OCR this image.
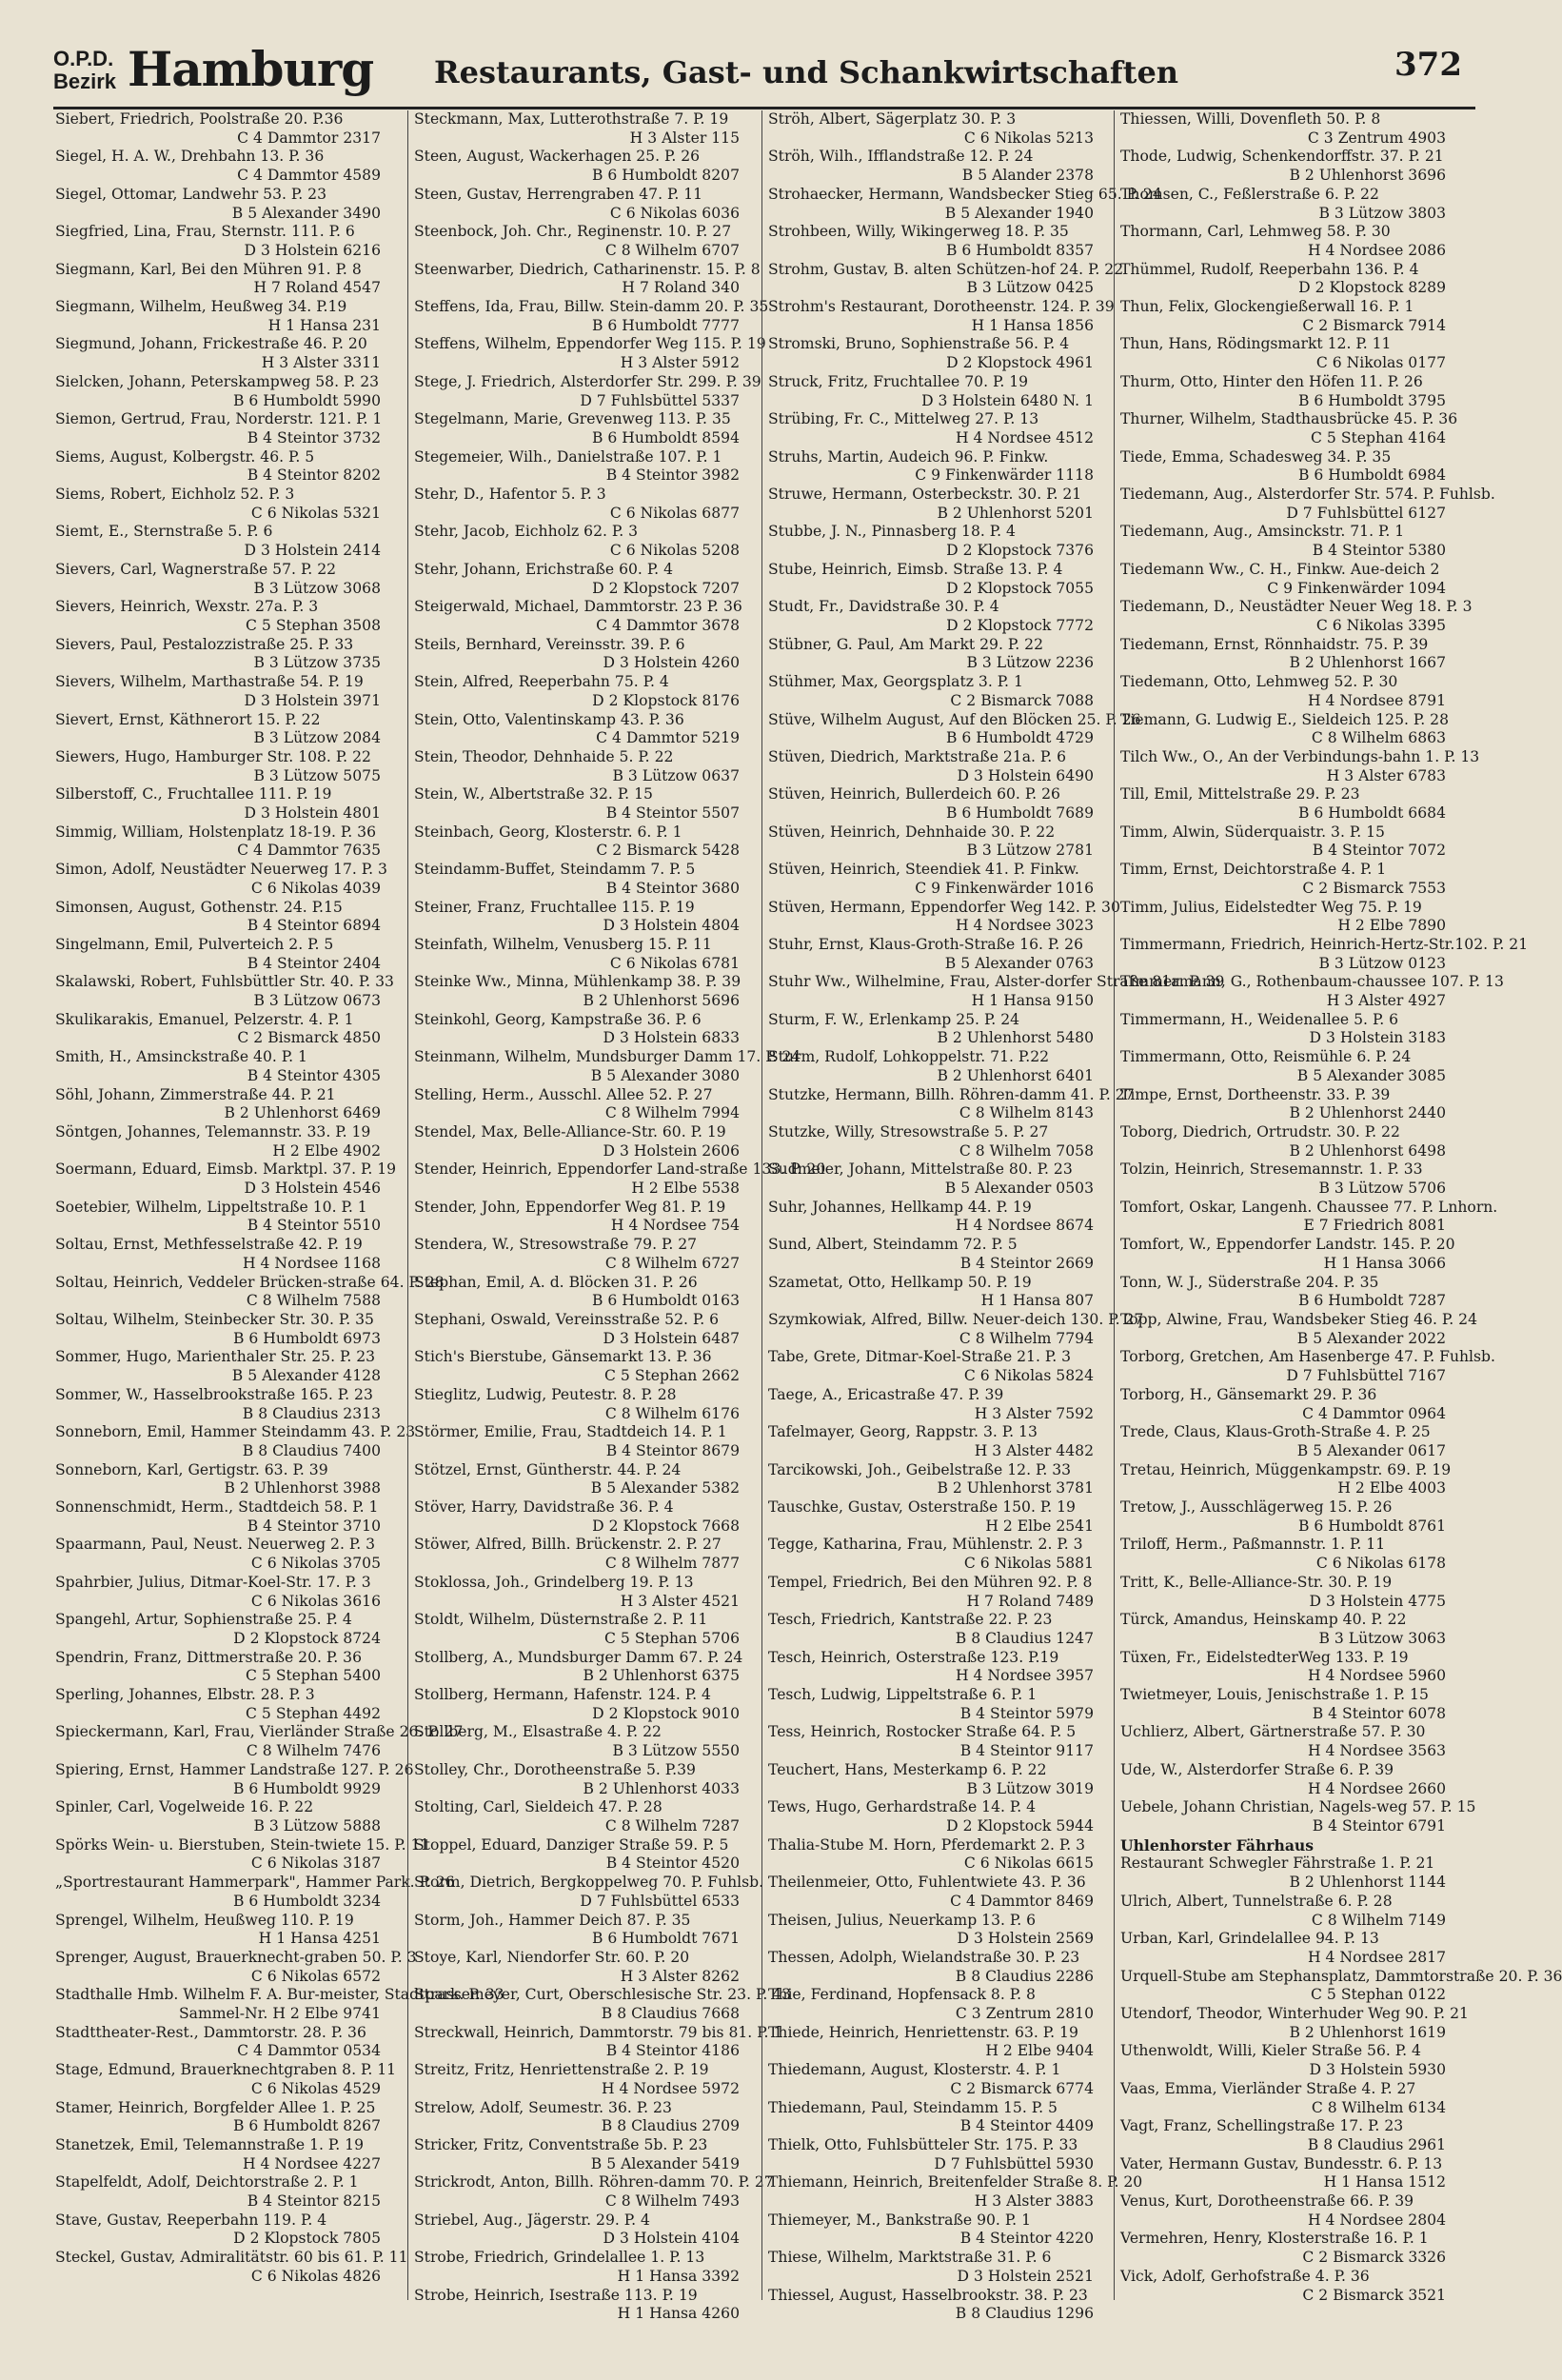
O.P.D.
Bezirk Hamburg Restaurants, Gast- und Schankwirtschaften	372
Siebert, Friedrich, Poolstraße 20. P.36
C 4 Dammtor 2317
Siegel, H. A. W., Drehbahn 13. P. 36
C 4 Dammtor 4589
Siegel, Ottomar, Landwehr 53. P. 23
B 5 Alexander 3490
Siegfried, Lina, Frau, Sternstr. 111. P. 6
D 3 Holstein 6216
Siegmann, Karl, Bei den Mühren 91. P. 8
H 7 Roland 4547
Siegmann, Wilhelm, Heußweg 34. P.19
H 1 Hansa 231
Siegmund, Johann, Frickestraße 46. P. 20
H 3 Alster 3311
Sielcken, Johann, Peterskampweg 58. P. 23
B 6 Humboldt 5990
Siemon, Gertrud, Frau, Norderstr. 121. P. 1
B 4 Steintor 3732
Siems, August, Kolbergstr. 46. P. 5
B 4 Steintor 8202
Siems, Robert, Eichholz 52. P. 3
C 6 Nikolas 5321
Siemt, E., Sternstraße 5. P. 6
D 3 Holstein 2414
Sievers, Carl, Wagnerstraße 57. P. 22
B 3 Lützow 3068
Sievers, Heinrich, Wexstr. 27a. P. 3
C 5 Stephan 3508
Sievers, Paul, Pestalozzistraße 25. P. 33
B 3 Lützow 3735
Sievers, Wilhelm, Marthastraße 54. P. 19
D 3 Holstein 3971
Sievert, Ernst, Käthnerort 15. P. 22
B 3 Lützow 2084
Siewers, Hugo, Hamburger Str. 108. P. 22
B 3 Lützow 5075
Silberstoff, C., Fruchtallee 111. P. 19
D 3 Holstein 4801
Simmig, William, Holstenplatz 18-19. P. 36
C 4 Dammtor 7635
Simon, Adolf, Neustädter Neuerweg 17. P. 3
C 6 Nikolas 4039
Simonsen, August, Gothenstr. 24. P.15
B 4 Steintor 6894
Singelmann, Emil, Pulverteich 2. P. 5
B 4 Steintor 2404
Skalawski, Robert, Fuhlsbüttler Str. 40. P. 33
B 3 Lützow 0673
Skulikarakis, Emanuel, Pelzerstr. 4. P. 1
C 2 Bismarck 4850
Smith, H., Amsinckstraße 40. P. 1
B 4 Steintor 4305
Söhl, Johann, Zimmerstraße 44. P. 21
B 2 Uhlenhorst 6469
Söntgen, Johannes, Telemannstr. 33. P. 19
H 2 Elbe 4902
Soermann, Eduard, Eimsb. Marktpl. 37. P. 19
D 3 Holstein 4546
Soetebier, Wilhelm, Lippeltstraße 10. P. 1
B 4 Steintor 5510
Soltau, Ernst, Methfesselstraße 42. P. 19
H 4 Nordsee 1168
Soltau, Heinrich, Veddeler Brücken-straße 64. P. 28
C 8 Wilhelm 7588
Soltau, Wilhelm, Steinbecker Str. 30. P. 35
B 6 Humboldt 6973
Sommer, Hugo, Marienthaler Str. 25. P. 23
B 5 Alexander 4128
Sommer, W., Hasselbrookstraße 165. P. 23
B 8 Claudius 2313
Sonneborn, Emil, Hammer Steindamm 43. P. 23
B 8 Claudius 7400
Sonneborn, Karl, Gertigstr. 63. P. 39
B 2 Uhlenhorst 3988
Sonnenschmidt, Herm., Stadtdeich 58. P. 1
B 4 Steintor 3710
Spaarmann, Paul, Neust. Neuerweg 2. P. 3
C 6 Nikolas 3705
Spahrbier, Julius, Ditmar-Koel-Str. 17. P. 3
C 6 Nikolas 3616
Spangehl, Artur, Sophienstraße 25. P. 4
D 2 Klopstock 8724
Spendrin, Franz, Dittmerstraße 20. P. 36
C 5 Stephan 5400
Sperling, Johannes, Elbstr. 28. P. 3
C 5 Stephan 4492
Spieckermann, Karl, Frau, Vierländer Straße 26. P. 27
C 8 Wilhelm 7476
Spiering, Ernst, Hammer Landstraße 127. P. 26
B 6 Humboldt 9929
Spinler, Carl, Vogelweide 16. P. 22
B 3 Lützow 5888
Spörks Wein- u. Bierstuben, Stein-twiete 15. P. 11
C 6 Nikolas 3187
„Sportrestaurant Hammerpark", Hammer Park. P. 26
B 6 Humboldt 3234
Sprengel, Wilhelm, Heußweg 110. P. 19
H 1 Hansa 4251
Sprenger, August, Brauerknecht-graben 50. P. 3
C 6 Nikolas 6572
Stadthalle Hmb. Wilhelm F. A. Bur-meister, Stadtpark. P. 33
Sammel-Nr. H 2 Elbe 9741
Stadttheater-Rest., Dammtorstr. 28. P. 36
C 4 Dammtor 0534
Stage, Edmund, Brauerknechtgraben 8. P. 11
C 6 Nikolas 4529
Stamer, Heinrich, Borgfelder Allee 1. P. 25
B 6 Humboldt 8267
Stanetzek, Emil, Telemannstraße 1. P. 19
H 4 Nordsee 4227
Stapelfeldt, Adolf, Deichtorstraße 2. P. 1
B 4 Steintor 8215
Stave, Gustav, Reeperbahn 119. P. 4
D 2 Klopstock 7805
Steckel, Gustav, Admiralitätstr. 60 bis 61. P. 11
C 6 Nikolas 4826
Steckmann, Max, Lutterothstraße 7. P. 19
H 3 Alster 115
Steen, August, Wackerhagen 25. P. 26
B 6 Humboldt 8207
Steen, Gustav, Herrengraben 47. P. 11
C 6 Nikolas 6036
Steenbock, Joh. Chr., Reginenstr. 10. P. 27
C 8 Wilhelm 6707
Steenwarber, Diedrich, Catharinenstr. 15. P. 8
H 7 Roland 340
Steffens, Ida, Frau, Billw. Stein-damm 20. P. 35
B 6 Humboldt 7777
Steffens, Wilhelm, Eppendorfer Weg 115. P. 19
H 3 Alster 5912
Stege, J. Friedrich, Alsterdorfer Str. 299. P. 39
D 7 Fuhlsbüttel 5337
Stegelmann, Marie, Grevenweg 113. P. 35
B 6 Humboldt 8594
Stegemeier, Wilh., Danielstraße 107. P. 1
B 4 Steintor 3982
Stehr, D., Hafentor 5. P. 3
C 6 Nikolas 6877
Stehr, Jacob, Eichholz 62. P. 3
C 6 Nikolas 5208
Stehr, Johann, Erichstraße 60. P. 4
D 2 Klopstock 7207
Steigerwald, Michael, Dammtorstr. 23 P. 36
C 4 Dammtor 3678
Steils, Bernhard, Vereinsstr. 39. P. 6
D 3 Holstein 4260
Stein, Alfred, Reeperbahn 75. P. 4
D 2 Klopstock 8176
Stein, Otto, Valentinskamp 43. P. 36
C 4 Dammtor 5219
Stein, Theodor, Dehnhaide 5. P. 22
B 3 Lützow 0637
Stein, W., Albertstraße 32. P. 15
B 4 Steintor 5507
Steinbach, Georg, Klosterstr. 6. P. 1
C 2 Bismarck 5428
Steindamm-Buffet, Steindamm 7. P. 5
B 4 Steintor 3680
Steiner, Franz, Fruchtallee 115. P. 19
D 3 Holstein 4804
Steinfath, Wilhelm, Venusberg 15. P. 11
C 6 Nikolas 6781
Steinke Ww., Minna, Mühlenkamp 38. P. 39
B 2 Uhlenhorst 5696
Steinkohl, Georg, Kampstraße 36. P. 6
D 3 Holstein 6833
Steinmann, Wilhelm, Mundsburger Damm 17. P. 24
B 5 Alexander 3080
Stelling, Herm., Ausschl. Allee 52. P. 27
C 8 Wilhelm 7994
Stendel, Max, Belle-Alliance-Str. 60. P. 19
D 3 Holstein 2606
Stender, Heinrich, Eppendorfer Land-straße 133. P. 20
H 2 Elbe 5538
Stender, John, Eppendorfer Weg 81. P. 19
H 4 Nordsee 754
Stendera, W., Stresowstraße 79. P. 27
C 8 Wilhelm 6727
Stephan, Emil, A. d. Blöcken 31. P. 26
B 6 Humboldt 0163
Stephani, Oswald, Vereinsstraße 52. P. 6
D 3 Holstein 6487
Stich's Bierstube, Gänsemarkt 13. P. 36
C 5 Stephan 2662
Stieglitz, Ludwig, Peutestr. 8. P. 28
C 8 Wilhelm 6176
Störmer, Emilie, Frau, Stadtdeich 14. P. 1
B 4 Steintor 8679
Stötzel, Ernst, Güntherstr. 44. P. 24
B 5 Alexander 5382
Stöver, Harry, Davidstraße 36. P. 4
D 2 Klopstock 7668
Stöwer, Alfred, Billh. Brückenstr. 2. P. 27
C 8 Wilhelm 7877
Stoklossa, Joh., Grindelberg 19. P. 13
H 3 Alster 4521
Stoldt, Wilhelm, Düsternstraße 2. P. 11
C 5 Stephan 5706
Stollberg, A., Mundsburger Damm 67. P. 24
B 2 Uhlenhorst 6375
Stollberg, Hermann, Hafenstr. 124. P. 4
D 2 Klopstock 9010
Stollberg, M., Elsastraße 4. P. 22
B 3 Lützow 5550
Stolley, Chr., Dorotheenstraße 5. P.39
B 2 Uhlenhorst 4033
Stolting, Carl, Sieldeich 47. P. 28
C 8 Wilhelm 7287
Stoppel, Eduard, Danziger Straße 59. P. 5
B 4 Steintor 4520
Storm, Dietrich, Bergkoppelweg 70. P. Fuhlsb.
D 7 Fuhlsbüttel 6533
Storm, Joh., Hammer Deich 87. P. 35
B 6 Humboldt 7671
Stoye, Karl, Niendorfer Str. 60. P. 20
H 3 Alster 8262
Strassemeyer, Curt, Oberschlesische Str. 23. P. 43
B 8 Claudius 7668
Streckwall, Heinrich, Dammtorstr. 79 bis 81. P. 1
B 4 Steintor 4186
Streitz, Fritz, Henriettenstraße 2. P. 19
H 4 Nordsee 5972
Strelow, Adolf, Seumestr. 36. P. 23
B 8 Claudius 2709
Stricker, Fritz, Conventstraße 5b. P. 23
B 5 Alexander 5419
Strickrodt, Anton, Billh. Röhren-damm 70. P. 27
C 8 Wilhelm 7493
Striebel, Aug., Jägerstr. 29. P. 4
D 3 Holstein 4104
Strobe, Friedrich, Grindelallee 1. P. 13
H 1 Hansa 3392
Strobe, Heinrich, Isestraße 113. P. 19
H 1 Hansa 4260
Ströh, Albert, Sägerplatz 30. P. 3
C 6 Nikolas 5213
Ströh, Wilh., Ifflandstraße 12. P. 24
B 5 Alander 2378
Strohaecker, Hermann, Wandsbecker Stieg 65. P. 24
B 5 Alexander 1940
Strohbeen, Willy, Wikingerweg 18. P. 35
B 6 Humboldt 8357
Strohm, Gustav, B. alten Schützen-hof 24. P. 22
B 3 Lützow 0425
Strohm's Restaurant, Dorotheenstr. 124. P. 39
H 1 Hansa 1856
Stromski, Bruno, Sophienstraße 56. P. 4
D 2 Klopstock 4961
Struck, Fritz, Fruchtallee 70. P. 19
D 3 Holstein 6480 N. 1
Strübing, Fr. C., Mittelweg 27. P. 13
H 4 Nordsee 4512
Struhs, Martin, Audeich 96. P. Finkw.
C 9 Finkenwärder 1118
Struwe, Hermann, Osterbeckstr. 30. P. 21
B 2 Uhlenhorst 5201
Stubbe, J. N., Pinnasberg 18. P. 4
D 2 Klopstock 7376
Stube, Heinrich, Eimsb. Straße 13. P. 4
D 2 Klopstock 7055
Studt, Fr., Davidstraße 30. P. 4
D 2 Klopstock 7772
Stübner, G. Paul, Am Markt 29. P. 22
B 3 Lützow 2236
Stühmer, Max, Georgsplatz 3. P. 1
C 2 Bismarck 7088
Stüve, Wilhelm August, Auf den Blöcken 25. P. 26
B 6 Humboldt 4729
Stüven, Diedrich, Marktstraße 21a. P. 6
D 3 Holstein 6490
Stüven, Heinrich, Bullerdeich 60. P. 26
B 6 Humboldt 7689
Stüven, Heinrich, Dehnhaide 30. P. 22
B 3 Lützow 2781
Stüven, Heinrich, Steendiek 41. P. Finkw.
C 9 Finkenwärder 1016
Stüven, Hermann, Eppendorfer Weg 142. P. 30
H 4 Nordsee 3023
Stuhr, Ernst, Klaus-Groth-Straße 16. P. 26
B 5 Alexander 0763
Stuhr Ww., Wilhelmine, Frau, Alster-dorfer Straße 81a. P. 39
H 1 Hansa 9150
Sturm, F. W., Erlenkamp 25. P. 24
B 2 Uhlenhorst 5480
Sturm, Rudolf, Lohkoppelstr. 71. P.22
B 2 Uhlenhorst 6401
Stutzke, Hermann, Billh. Röhren-damm 41. P. 27
C 8 Wilhelm 8143
Stutzke, Willy, Stresowstraße 5. P. 27
C 8 Wilhelm 7058
Sudmeier, Johann, Mittelstraße 80. P. 23
B 5 Alexander 0503
Suhr, Johannes, Hellkamp 44. P. 19
H 4 Nordsee 8674
Sund, Albert, Steindamm 72. P. 5
B 4 Steintor 2669
Szametat, Otto, Hellkamp 50. P. 19
H 1 Hansa 807
Szymkowiak, Alfred, Billw. Neuer-deich 130. P. 27
C 8 Wilhelm 7794
Tabe, Grete, Ditmar-Koel-Straße 21. P. 3
C 6 Nikolas 5824
Taege, A., Ericastraße 47. P. 39
H 3 Alster 7592
Tafelmayer, Georg, Rappstr. 3. P. 13
H 3 Alster 4482
Tarcikowski, Joh., Geibelstraße 12. P. 33
B 2 Uhlenhorst 3781
Tauschke, Gustav, Osterstraße 150. P. 19
H 2 Elbe 2541
Tegge, Katharina, Frau, Mühlenstr. 2. P. 3
C 6 Nikolas 5881
Tempel, Friedrich, Bei den Mühren 92. P. 8
H 7 Roland 7489
Tesch, Friedrich, Kantstraße 22. P. 23
B 8 Claudius 1247
Tesch, Heinrich, Osterstraße 123. P.19
H 4 Nordsee 3957
Tesch, Ludwig, Lippeltstraße 6. P. 1
B 4 Steintor 5979
Tess, Heinrich, Rostocker Straße 64. P. 5
B 4 Steintor 9117
Teuchert, Hans, Mesterkamp 6. P. 22
B 3 Lützow 3019
Tews, Hugo, Gerhardstraße 14. P. 4
D 2 Klopstock 5944
Thalia-Stube M. Horn, Pferdemarkt 2. P. 3
C 6 Nikolas 6615
Theilenmeier, Otto, Fuhlentwiete 43. P. 36
C 4 Dammtor 8469
Theisen, Julius, Neuerkamp 13. P. 6
D 3 Holstein 2569
Thessen, Adolph, Wielandstraße 30. P. 23
B 8 Claudius 2286
Thie, Ferdinand, Hopfensack 8. P. 8
C 3 Zentrum 2810
Thiede, Heinrich, Henriettenstr. 63. P. 19
H 2 Elbe 9404
Thiedemann, August, Klosterstr. 4. P. 1
C 2 Bismarck 6774
Thiedemann, Paul, Steindamm 15. P. 5
B 4 Steintor 4409
Thielk, Otto, Fuhlsbütteler Str. 175. P. 33
D 7 Fuhlsbüttel 5930
Thiemann, Heinrich, Breitenfelder Straße 8. P. 20
H 3 Alster 3883
Thiemeyer, M., Bankstraße 90. P. 1
B 4 Steintor 4220
Thiese, Wilhelm, Marktstraße 31. P. 6
D 3 Holstein 2521
Thiessel, August, Hasselbrookstr. 38. P. 23
B 8 Claudius 1296
Thiessen, Willi, Dovenfleth 50. P. 8
C 3 Zentrum 4903
Thode, Ludwig, Schenkendorffstr. 37. P. 21
B 2 Uhlenhorst 3696
Thomsen, C., Feßlerstraße 6. P. 22
B 3 Lützow 3803
Thormann, Carl, Lehmweg 58. P. 30
H 4 Nordsee 2086
Thümmel, Rudolf, Reeperbahn 136. P. 4
D 2 Klopstock 8289
Thun, Felix, Glockengießerwall 16. P. 1
C 2 Bismarck 7914
Thun, Hans, Rödingsmarkt 12. P. 11
C 6 Nikolas 0177
Thurm, Otto, Hinter den Höfen 11. P. 26
B 6 Humboldt 3795
Thurner, Wilhelm, Stadthausbrücke 45. P. 36
C 5 Stephan 4164
Tiede, Emma, Schadesweg 34. P. 35
B 6 Humboldt 6984
Tiedemann, Aug., Alsterdorfer Str. 574. P. Fuhlsb.
D 7 Fuhlsbüttel 6127
Tiedemann, Aug., Amsinckstr. 71. P. 1
B 4 Steintor 5380
Tiedemann Ww., C. H., Finkw. Aue-deich 2
C 9 Finkenwärder 1094
Tiedemann, D., Neustädter Neuer Weg 18. P. 3
C 6 Nikolas 3395
Tiedemann, Ernst, Rönnhaidstr. 75. P. 39
B 2 Uhlenhorst 1667
Tiedemann, Otto, Lehmweg 52. P. 30
H 4 Nordsee 8791
Tiemann, G. Ludwig E., Sieldeich 125. P. 28
C 8 Wilhelm 6863
Tilch Ww., O., An der Verbindungs-bahn 1. P. 13
H 3 Alster 6783
Till, Emil, Mittelstraße 29. P. 23
B 6 Humboldt 6684
Timm, Alwin, Süderquaistr. 3. P. 15
B 4 Steintor 7072
Timm, Ernst, Deichtorstraße 4. P. 1
C 2 Bismarck 7553
Timm, Julius, Eidelstedter Weg 75. P. 19
H 2 Elbe 7890
Timmermann, Friedrich, Heinrich-Hertz-Str.102. P. 21
B 3 Lützow 0123
Timmermann, G., Rothenbaum-chaussee 107. P. 13
H 3 Alster 4927
Timmermann, H., Weidenallee 5. P. 6
D 3 Holstein 3183
Timmermann, Otto, Reismühle 6. P. 24
B 5 Alexander 3085
Timpe, Ernst, Dortheenstr. 33. P. 39
B 2 Uhlenhorst 2440
Toborg, Diedrich, Ortrudstr. 30. P. 22
B 2 Uhlenhorst 6498
Tolzin, Heinrich, Stresemannstr. 1. P. 33
B 3 Lützow 5706
Tomfort, Oskar, Langenh. Chaussee 77. P. Lnhorn.
E 7 Friedrich 8081
Tomfort, W., Eppendorfer Landstr. 145. P. 20
H 1 Hansa 3066
Tonn, W. J., Süderstraße 204. P. 35
B 6 Humboldt 7287
Topp, Alwine, Frau, Wandsbeker Stieg 46. P. 24
B 5 Alexander 2022
Torborg, Gretchen, Am Hasenberge 47. P. Fuhlsb.
D 7 Fuhlsbüttel 7167
Torborg, H., Gänsemarkt 29. P. 36
C 4 Dammtor 0964
Trede, Claus, Klaus-Groth-Straße 4. P. 25
B 5 Alexander 0617
Tretau, Heinrich, Müggenkampstr. 69. P. 19
H 2 Elbe 4003
Tretow, J., Ausschlägerweg 15. P. 26
B 6 Humboldt 8761
Triloff, Herm., Paßmannstr. 1. P. 11
C 6 Nikolas 6178
Tritt, K., Belle-Alliance-Str. 30. P. 19
D 3 Holstein 4775
Türck, Amandus, Heinskamp 40. P. 22
B 3 Lützow 3063
Tüxen, Fr., EidelstedterWeg 133. P. 19
H 4 Nordsee 5960
Twietmeyer, Louis, Jenischstraße 1. P. 15
B 4 Steintor 6078
Uchlierz, Albert, Gärtnerstraße 57. P. 30
H 4 Nordsee 3563
Ude, W., Alsterdorfer Straße 6. P. 39
H 4 Nordsee 2660
Uebele, Johann Christian, Nagels-weg 57. P. 15
B 4 Steintor 6791
Uhlenhorster Fährhaus
Restaurant Schwegler Fährstraße 1. P. 21
B 2 Uhlenhorst 1144
Ulrich, Albert, Tunnelstraße 6. P. 28
C 8 Wilhelm 7149
Urban, Karl, Grindelallee 94. P. 13
H 4 Nordsee 2817
Urquell-Stube am Stephansplatz, Dammtorstraße 20. P. 36
C 5 Stephan 0122
Utendorf, Theodor, Winterhuder Weg 90. P. 21
B 2 Uhlenhorst 1619
Uthenwoldt, Willi, Kieler Straße 56. P. 4
D 3 Holstein 5930
Vaas, Emma, Vierländer Straße 4. P. 27
C 8 Wilhelm 6134
Vagt, Franz, Schellingstraße 17. P. 23
B 8 Claudius 2961
Vater, Hermann Gustav, Bundesstr. 6. P. 13
H 1 Hansa 1512
Venus, Kurt, Dorotheenstraße 66. P. 39
H 4 Nordsee 2804
Vermehren, Henry, Klosterstraße 16. P. 1
C 2 Bismarck 3326
Vick, Adolf, Gerhofstraße 4. P. 36
C 2 Bismarck 3521
